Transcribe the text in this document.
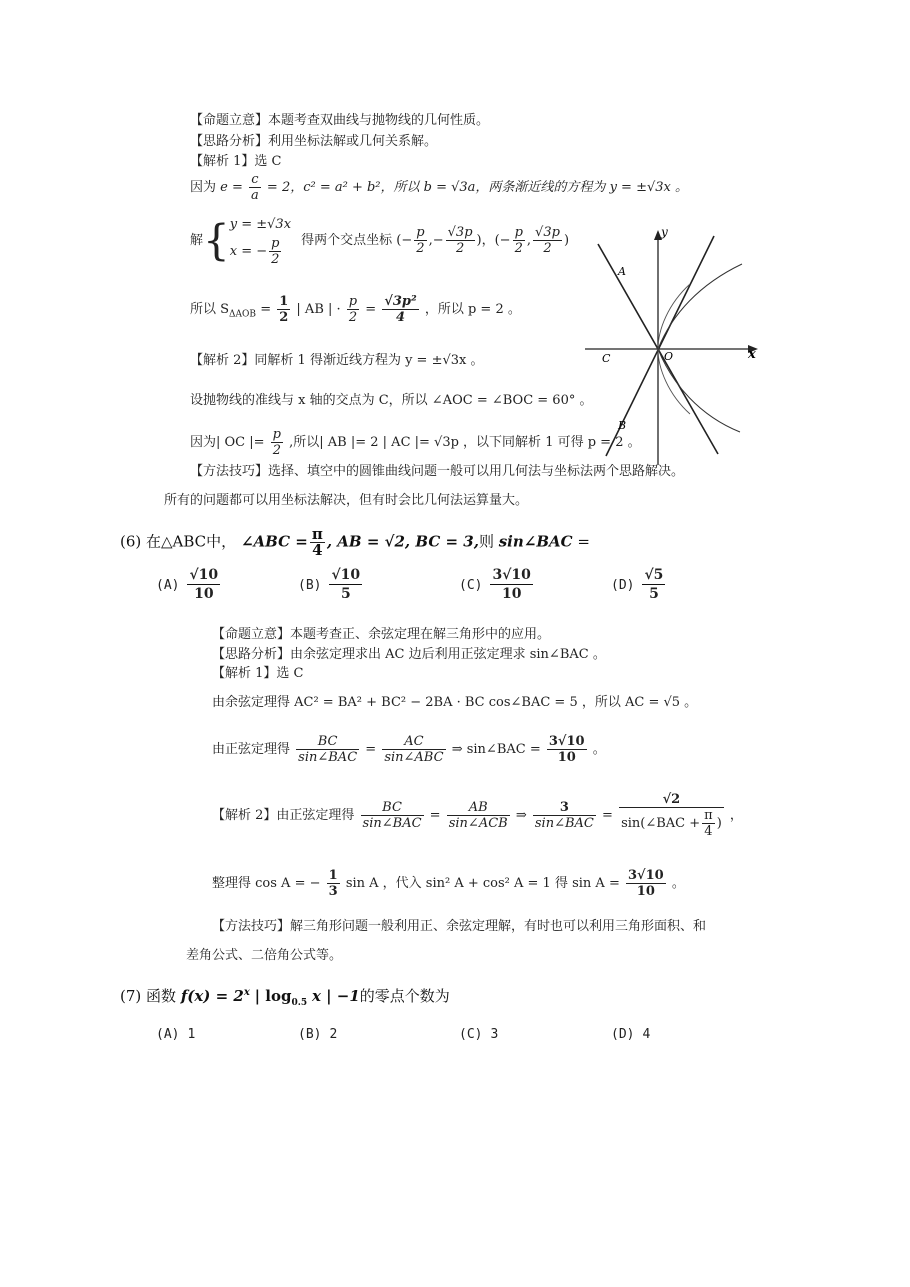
【命题立意】本题考查双曲线与抛物线的几何性质。
【思路分析】利用坐标法解或几何关系解。
【解析 1】选 C
因为 $e = \frac{c}{a} = 2$，c² = a² + b²，所以 b = √3a，两条渐近线的方程为 y = ±√3x 。
解{ y = ±√3x
x = − $\frac{p}{2}$ 得两个交点坐标 (− $\frac{p}{2}$ ,− $\frac{√3p}{2}$ )，(− $\frac{p}{2}$ , $\frac{√3p}{2}$ )
所以 $S_{\Delta AOB} = \frac{1}{2}$ | AB | · $\frac{p}{2} = \frac{\text{√3p²}}{4}$ ，所以 p = 2 。
【解析 2】同解析 1 得渐近线方程为 y = ±√3x 。
设抛物线的准线与 x 轴的交点为 C，所以 ∠AOC = ∠BOC = 60° 。
因为| OC |= $\frac{p}{2}$ ,所以| AB |= 2 | AC |= √3p ，以下同解析 1 可得 p = 2 。
【方法技巧】选择、填空中的圆锥曲线问题一般可以用几何法与坐标法两个思路解决。
所有的问题都可以用坐标法解决，但有时会比几何法运算量大。
y
x
A
B
C	O
(6) 在△ABC中， ∠ABC = $\frac{\pi}{4}$ , AB = √2, BC = 3,则 sin∠BAC =
$(A) \frac{√10}{10}$	$(B) \frac{√10}{5}$	$(C) \frac{3√10}{10}$	$(D) \frac{√5}{5}$
【命题立意】本题考查正、余弦定理在解三角形中的应用。
【思路分析】由余弦定理求出 AC 边后利用正弦定理求 sin∠BAC 。
【解析 1】选 C
由余弦定理得 AC² = BA² + BC² − 2BA · BC cos∠BAC = 5 ，所以 AC = √5 。
由正弦定理得 $\frac{BC}{\text{sin∠BAC}} = \frac{AC}{\text{sin∠ABC}}$ ⇒ sin∠BAC = $\frac{3√10}{10}$ 。
【解析 2】由正弦定理得 $\frac{BC}{\text{sin∠BAC}} = \frac{AB}{\text{sin∠ACB}}$ ⇒ $\frac{3}{\text{sin∠BAC}} = \frac{√2}{\sin(\angle BAC + \frac{\pi}{4} )}$ ，
整理得 cos A = − $\frac{1}{3}$ sin A ，代入 sin² A + cos² A = 1 得 $\sin A = \frac{3√10}{10}$ 。
【方法技巧】解三角形问题一般利用正、余弦定理解，有时也可以利用三角形面积、和
差角公式、二倍角公式等。
(7) 函数 $f(x) = 2^x$ | $\log_{0.5} x$ | −1的零点个数为
(A) 1	(B) 2	(C) 3	(D) 4
